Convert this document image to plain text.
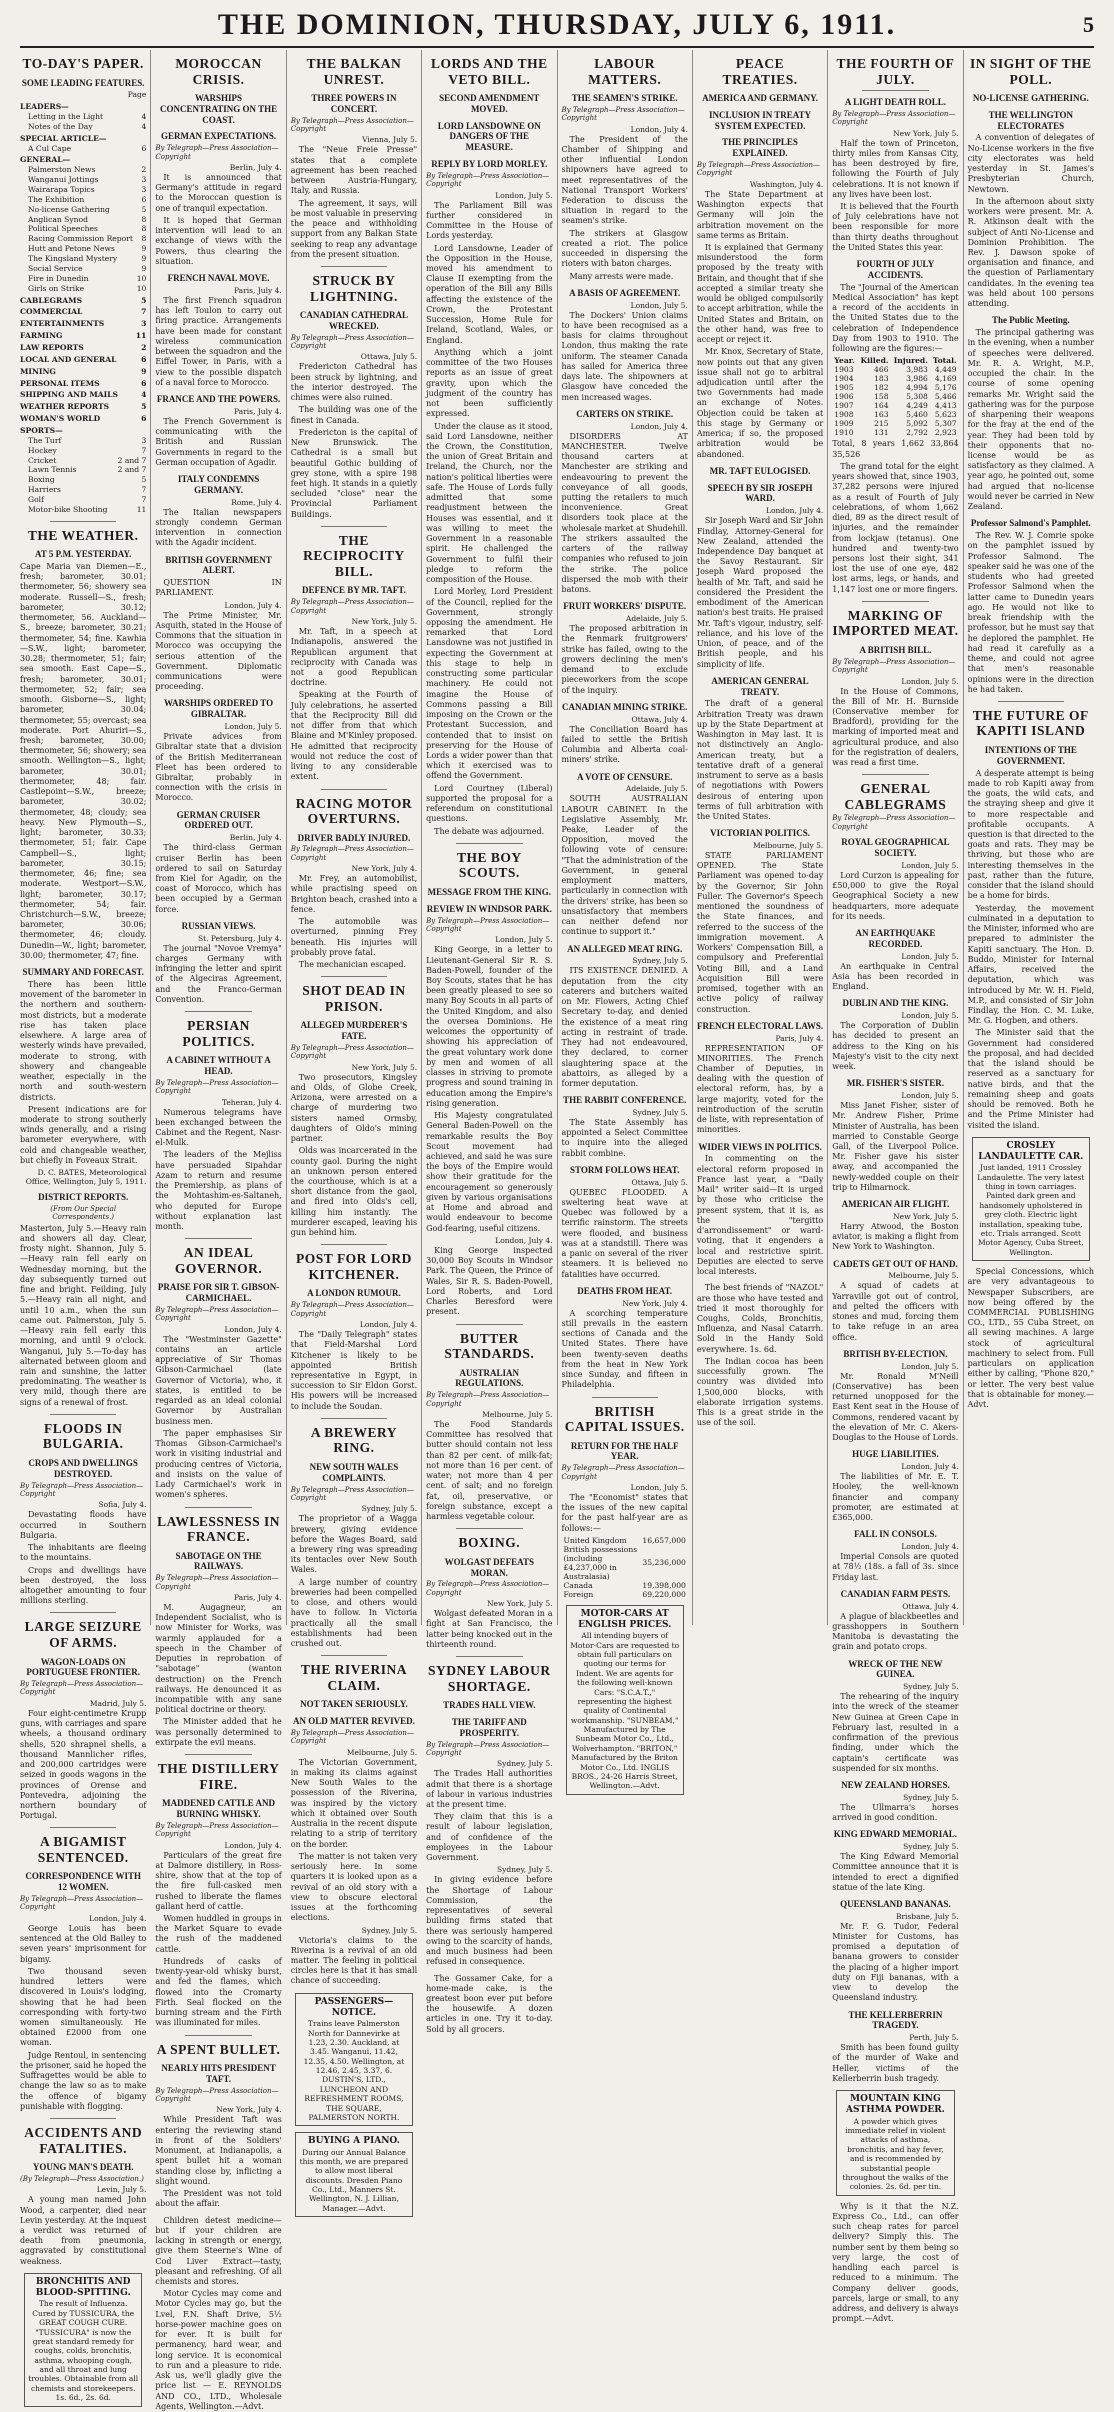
THE DOMINION, THURSDAY, JULY 6, 1911.	5
TO-DAY'S PAPER.
SOME LEADING FEATURES.
Page
LEADERS—
Letting in the Light	4
Notes of the Day	4
SPECIAL ARTICLE—
A Cul Cape	6
GENERAL—
Palmerston News	2
Wanganui Jottings	3
Wairarapa Topics	3
The Exhibition	6
No-license Gathering	5
Anglican Synod	8
Political Speeches	8
Racing Commission Report 8
Hutt and Petone News	9
The Kingsland Mystery	9
Social Service	9
Fire in Dunedin	10
Girls on Strike	10
CABLEGRAMS	5
COMMERCIAL	7
ENTERTAINMENTS	3
FARMING	11
LAW REPORTS	2
LOCAL AND GENERAL	6
MINING	9
PERSONAL ITEMS	6
SHIPPING AND MAILS	4
WEATHER REPORTS	5
WOMAN'S WORLD	6
SPORTS—
The Turf	3
Hockey	7
Cricket	2 and 7
Lawn Tennis	2 and 7
Boxing	5
Harriers	7
Golf	7
Motor-bike Shooting	11
THE WEATHER.
AT 5 P.M. YESTERDAY.

Cape Maria van Diemen—E., fresh; barometer, 30.01; thermometer, 56; showery sea moderate. Russell—S., fresh; barometer, 30.12; thermometer, 56. Auckland—S., breeze; barometer, 30.21; thermometer, 54; fine. Kawhia—S.W., light; barometer, 30.28; thermometer, 51; fair; sea smooth. East Cape—S., fresh; barometer, 30.01; thermometer, 52; fair; sea smooth. Gisborne—S., light; barometer, 30.04; thermometer, 55; overcast; sea moderate. Port Ahuriri—S., fresh; barometer, 30.00; thermometer, 56; showery; sea smooth. Wellington—S., light; barometer, 30.01; thermometer, 48; fair. Castlepoint—S.W., breeze; barometer, 30.02; thermometer, 48; cloudy; sea heavy. New Plymouth—S., light; barometer, 30.33; thermometer, 51; fair. Cape Campbell—S., light; barometer, 30.15; thermometer, 46; fine; sea moderate. Westport—S.W., light; barometer, 30.17; thermometer, 54; fair. Christchurch—S.W., breeze; barometer, 30.06; thermometer, 46; cloudy. Dunedin—W., light; barometer, 30.00; thermometer, 47; fine.

SUMMARY AND FORECAST.

There has been little movement of the barometer in the northern and southern-most districts, but a moderate rise has taken place elsewhere. A large area of westerly winds have prevailed, moderate to strong, with showery and changeable weather, especially in the north and south-western districts.

Present indications are for moderate to strong southerly winds generally, and a rising barometer everywhere, with cold and changeable weather, but chiefly in Foveaux Strait.

D. C. BATES, Meteorological Office, Wellington, July 5, 1911.
DISTRICT REPORTS.
(From Our Special Correspondents.)

Masterton, July 5.—Heavy rain and showers all day. Clear, frosty night. Shannon, July 5.—Heavy rain fell early on Wednesday morning, but the day subsequently turned out fine and bright. Feilding, July 5.—Heavy rain all night, and until 10 a.m., when the sun came out. Palmerston, July 5.—Heavy rain fell early this morning, and until 9 o'clock. Wanganui, July 5.—To-day has alternated between gloom and rain and sunshine, the latter predominating. The weather is very mild, though there are signs of a renewal of frost.

FLOODS IN BULGARIA.
CROPS AND DWELLINGS DESTROYED.
By Telegraph—Press Association—Copyright
Sofia, July 4.

Devastating floods have occurred in Southern Bulgaria.

The inhabitants are fleeing to the mountains.

Crops and dwellings have been destroyed, the loss altogether amounting to four millions sterling.

LARGE SEIZURE OF ARMS.
WAGON-LOADS ON PORTUGUESE FRONTIER.
By Telegraph—Press Association—Copyright
Madrid, July 5.

Four eight-centimetre Krupp guns, with carriages and spare wheels, a thousand ordinary shells, 520 shrapnel shells, a thousand Mannlicher rifles, and 200,000 cartridges were seized in goods wagons in the provinces of Orense and Pontevedra, adjoining the northern boundary of Portugal.

A BIGAMIST SENTENCED.
CORRESPONDENCE WITH 12 WOMEN.
By Telegraph—Press Association—Copyright
London, July 4.

George Louis has been sentenced at the Old Bailey to seven years' imprisonment for bigamy.

Two thousand seven hundred letters were discovered in Louis's lodging, showing that he had been corresponding with forty-two women simultaneously. He obtained £2000 from one woman.

Judge Rentoul, in sentencing the prisoner, said he hoped the Suffragettes would be able to change the law so as to make the offence of bigamy punishable with flogging.

ACCIDENTS AND FATALITIES.
YOUNG MAN'S DEATH.
(By Telegraph—Press Association.)
Levin, July 5.

A young man named John Wood, a carpenter, died near Levin yesterday. At the inquest a verdict was returned of death from pneumonia, aggravated by constitutional weakness.

BRONCHITIS AND BLOOD-SPITTING.
The result of Influenza. Cured by TUSSICURA, the GREAT COUGH CURE. "TUSSICURA" is now the great standard remedy for coughs, colds, bronchitis, asthma, whooping cough, and all throat and lung troubles. Obtainable from all chemists and storekeepers. 1s. 6d., 2s. 6d.
MOROCCAN CRISIS.
WARSHIPS CONCENTRATING ON THE COAST.
GERMAN EXPECTATIONS.
By Telegraph—Press Association—Copyright
Berlin, July 4.

It is announced that Germany's attitude in regard to the Moroccan question is one of tranquil expectation.

It is hoped that German intervention will lead to an exchange of views with the Powers, thus clearing the situation.

FRENCH NAVAL MOVE.
Paris, July 4.

The first French squadron has left Toulon to carry out firing practice. Arrangements have been made for constant wireless communication between the squadron and the Eiffel Tower, in Paris, with a view to the possible dispatch of a naval force to Morocco.

FRANCE AND THE POWERS.
Paris, July 4.

The French Government is communicating with the British and Russian Governments in regard to the German occupation of Agadir.

ITALY CONDEMNS GERMANY.
Rome, July 4.

The Italian newspapers strongly condemn German intervention in connection with the Agadir incident.

BRITISH GOVERNMENT ALERT.

QUESTION IN PARLIAMENT.

London, July 4.

The Prime Minister, Mr. Asquith, stated in the House of Commons that the situation in Morocco was occupying the serious attention of the Government. Diplomatic communications were proceeding.

WARSHIPS ORDERED TO GIBRALTAR.
London, July 5.

Private advices from Gibraltar state that a division of the British Mediterranean Fleet has been ordered to Gibraltar, probably in connection with the crisis in Morocco.

GERMAN CRUISER ORDERED OUT.
Berlin, July 4.

The third-class German cruiser Berlin has been ordered to sail on Saturday from Kiel for Agadir, on the coast of Morocco, which has been occupied by a German force.

RUSSIAN VIEWS.
St. Petersburg, July 4.

The journal "Novoe Vremya" charges Germany with infringing the letter and spirit of the Algeciras Agreement, and the Franco-German Convention.

PERSIAN POLITICS.
A CABINET WITHOUT A HEAD.
By Telegraph—Press Association—Copyright
Teheran, July 4.

Numerous telegrams have been exchanged between the Cabinet and the Regent, Nasr-el-Mulk.

The leaders of the Mejliss have persuaded Sipahdar Azam to return and resume the Premiership, as plans of the Mohtashim-es-Saltaneh, who deputed for Europe without explanation last month.

AN IDEAL GOVERNOR.
PRAISE FOR SIR T. GIBSON-CARMICHAEL.
By Telegraph—Press Association—Copyright
London, July 4.

The "Westminster Gazette" contains an article appreciative of Sir Thomas Gibson-Carmichael (late Governor of Victoria), who, it states, is entitled to be regarded as an ideal colonial Governor by Australian business men.

The paper emphasises Sir Thomas Gibson-Carmichael's work in visiting industrial and producing centres of Victoria, and insists on the value of Lady Carmichael's work in women's spheres.

LAWLESSNESS IN FRANCE.
SABOTAGE ON THE RAILWAYS.
By Telegraph—Press Association—Copyright
Paris, July 4.

M. Augagneur, an Independent Socialist, who is now Minister for Works, was warmly applauded for a speech in the Chamber of Deputies in reprobation of "sabotage" (wanton destruction) on the French railways. He denounced it as incompatible with any sane political doctrine or theory.

The Minister added that he was personally determined to extirpate the evil means.

THE DISTILLERY FIRE.
MADDENED CATTLE AND BURNING WHISKY.
By Telegraph—Press Association—Copyright
London, July 4.

Particulars of the great fire at Dalmore distillery, in Ross-shire, show that at the top of the fire full-casked men rushed to liberate the flames gallant herd of cattle.

Women huddled in groups in the Market Square to evade the rush of the maddened cattle.

Hundreds of casks of twenty-year-old whisky burst, and fed the flames, which flowed into the Cromarty Firth. Seal flocked on the burning stream and the Firth was illuminated for miles.

A SPENT BULLET.
NEARLY HITS PRESIDENT TAFT.
By Telegraph—Press Association—Copyright
New York, July 4.

While President Taft was entering the reviewing stand in front of the Soldiers' Monument, at Indianapolis, a spent bullet hit a woman standing close by, inflicting a slight wound.

The President was not told about the affair.

Children detest medicine—but if your children are lacking in strength or energy, give them Steerne's Wine of Cod Liver Extract—tasty, pleasant and refreshing. Of all chemists and stores.

Motor Cycles may come and Motor Cycles may go, but the Lvel, F.N. Shaft Drive, 5½ horse-power machine goes on for ever. It is built for permanency, hard wear, and long service. It is economical to run and a pleasure to ride. Ask us, we'll gladly give the price list — E. REYNOLDS AND CO., LTD., Wholesale Agents, Wellington.—Advt.

THE BALKAN UNREST.
THREE POWERS IN CONCERT.
By Telegraph—Press Association—Copyright
Vienna, July 5.

The "Neue Freie Presse" states that a complete agreement has been reached between Austria-Hungary, Italy, and Russia.

The agreement, it says, will be most valuable in preserving the peace and withholding support from any Balkan State seeking to reap any advantage from the present situation.

STRUCK BY LIGHTNING.
CANADIAN CATHEDRAL WRECKED.
By Telegraph—Press Association—Copyright
Ottawa, July 5.

Fredericton Cathedral has been struck by lightning, and the interior destroyed. The chimes were also ruined.

The building was one of the finest in Canada.

Fredericton is the capital of New Brunswick. The Cathedral is a small but beautiful Gothic building of grey stone, with a spire 198 feet high. It stands in a quietly secluded "close" near the Provincial Parliament Buildings.

THE RECIPROCITY BILL.
DEFENCE BY MR. TAFT.
By Telegraph—Press Association—Copyright
New York, July 5.

Mr. Taft, in a speech at Indianapolis, answered the Republican argument that reciprocity with Canada was not a good Republican doctrine.

Speaking at the Fourth of July celebrations, he asserted that the Reciprocity Bill did not differ from that which Blaine and M'Kinley proposed. He admitted that reciprocity would not reduce the cost of living to any considerable extent.

RACING MOTOR OVERTURNS.
DRIVER BADLY INJURED.
By Telegraph—Press Association—Copyright
New York, July 4.

Mr. Frey, an automobilist, while practising speed on Brighton beach, crashed into a fence.

The automobile was overturned, pinning Frey beneath. His injuries will probably prove fatal.

The mechanician escaped.

SHOT DEAD IN PRISON.
ALLEGED MURDERER'S FATE.
By Telegraph—Press Association—Copyright
New York, July 5.

Two prosecutors, Kingsley and Olds, of Globe Creek, Arizona, were arrested on a charge of murdering two sisters named Ormsby, daughters of Oldo's mining partner.

Olds was incarcerated in the county gaol. During the night an unknown person entered the courthouse, which is at a short distance from the gaol, and fired into Olds's cell, killing him instantly. The murderer escaped, leaving his gun behind him.

POST FOR LORD KITCHENER.
A LONDON RUMOUR.
By Telegraph—Press Association—Copyright
London, July 4.

The "Daily Telegraph" states that Field-Marshal Lord Kitchener is likely to be appointed British representative in Egypt, in succession to Sir Eldon Gorst. His powers will be increased to include the Soudan.

A BREWERY RING.
NEW SOUTH WALES COMPLAINTS.
By Telegraph—Press Association—Copyright
Sydney, July 5.

The proprietor of a Wagga brewery, giving evidence before the Wages Board, said a brewery ring was spreading its tentacles over New South Wales.

A large number of country breweries had been compelled to close, and others would have to follow. In Victoria practically all the small establishments had been crushed out.

THE RIVERINA CLAIM.
NOT TAKEN SERIOUSLY.
AN OLD MATTER REVIVED.
By Telegraph—Press Association—Copyright
Melbourne, July 5.

The Victorian Government, in making its claims against New South Wales to the possession of the Riverina, was inspired by the victory which it obtained over South Australia in the recent dispute relating to a strip of territory on the border.

The matter is not taken very seriously here. In some quarters it is looked upon as a revival of an old story with a view to obscure electoral issues at the forthcoming elections.

Sydney, July 5.

Victoria's claims to the Riverina is a revival of an old matter. The feeling in political circles here is that it has small chance of succeeding.

PASSENGERS—NOTICE.
Trains leave Palmerston North for Dannevirke at 1.23, 2.30. Auckland, at 3.45. Wanganui, 11.42, 12.35, 4.50. Wellington, at 12.46, 2.45, 3.37, 6. DUSTIN'S, LTD., LUNCHEON AND REFRESHMENT ROOMS, THE SQUARE, PALMERSTON NORTH.
BUYING A PIANO.
During our Annual Balance this month, we are prepared to allow most liberal discounts. Dresden Piano Co., Ltd., Manners St. Wellington, N. J. Lillian, Manager.—Advt.
LORDS AND THE VETO BILL.
SECOND AMENDMENT MOVED.
LORD LANSDOWNE ON DANGERS OF THE MEASURE.
REPLY BY LORD MORLEY.
By Telegraph—Press Association—Copyright
London, July 5.

The Parliament Bill was further considered in Committee in the House of Lords yesterday.

Lord Lansdowne, Leader of the Opposition in the House, moved his amendment to Clause II exempting from the operation of the Bill any Bills affecting the existence of the Crown, the Protestant Succession, Home Rule for Ireland, Scotland, Wales, or England.

Anything which a joint committee of the two Houses reports as an issue of great gravity, upon which the judgment of the country has not been sufficiently expressed.

Under the clause as it stood, said Lord Lansdowne, neither the Crown, the Constitution, the union of Great Britain and Ireland, the Church, nor the nation's political liberties were safe. The House of Lords fully admitted that some readjustment between the Houses was essential, and it was willing to meet the Government in a reasonable spirit. He challenged the Government to fulfil their pledge to reform the composition of the House.

Lord Morley, Lord President of the Council, replied for the Government, strongly opposing the amendment. He remarked that Lord Lansdowne was not justified in expecting the Government at this stage to help in constructing some particular machinery. He could not imagine the House of Commons passing a Bill imposing on the Crown or the Protestant Succession, and contended that to insist on preserving for the House of Lords a wider power than that which it exercised was to offend the Government.

Lord Courtney (Liberal) supported the proposal for a referendum on constitutional questions.

The debate was adjourned.

THE BOY SCOUTS.
MESSAGE FROM THE KING.
REVIEW IN WINDSOR PARK.
By Telegraph—Press Association—Copyright
London, July 5.

King George, in a letter to Lieutenant-General Sir R. S. Baden-Powell, founder of the Boy Scouts, states that he has been greatly pleased to see so many Boy Scouts in all parts of the United Kingdom, and also the oversea Dominions. He welcomes the opportunity of showing his appreciation of the great voluntary work done by men and women of all classes in striving to promote progress and sound training in education among the Empire's rising generation.

His Majesty congratulated General Baden-Powell on the remarkable results the Boy Scout movement had achieved, and said he was sure the boys of the Empire would show their gratitude for the encouragement so generously given by various organisations at Home and abroad and would endeavour to become God-fearing, useful citizens.

London, July 4.

King George inspected 30,000 Boy Scouts in Windsor Park. The Queen, the Prince of Wales, Sir R. S. Baden-Powell, Lord Roberts, and Lord Charles Beresford were present.

BUTTER STANDARDS.
AUSTRALIAN REGULATIONS.
By Telegraph—Press Association—Copyright
Melbourne, July 5.

The Food Standards Committee has resolved that butter should contain not less than 82 per cent. of milk-fat; not more than 16 per cent. of water; not more than 4 per cent. of salt; and no foreign fat, oil, preservative, or foreign substance, except a harmless vegetable colour.

BOXING.
WOLGAST DEFEATS MORAN.
By Telegraph—Press Association—Copyright
New York, July 5.

Wolgast defeated Moran in a fight at San Francisco, the latter being knocked out in the thirteenth round.

SYDNEY LABOUR SHORTAGE.
TRADES HALL VIEW.
THE TARIFF AND PROSPERITY.
By Telegraph—Press Association—Copyright
Sydney, July 5.

The Trades Hall authorities admit that there is a shortage of labour in various industries at the present time.

They claim that this is a result of labour legislation, and of confidence of the employees in the Labour Government.

Sydney, July 5.

In giving evidence before the Shortage of Labour Commission, the representatives of several building firms stated that there was seriously hampered owing to the scarcity of hands, and much business had been refused in consequence.

The Gossamer Cake, for a home-made cake, is the greatest boon ever put before the housewife. A dozen articles in one. Try it to-day. Sold by all grocers.

LABOUR MATTERS.
THE SEAMEN'S STRIKE.
By Telegraph—Press Association—Copyright
London, July 4.

The President of the Chamber of Shipping and other influential London shipowners have agreed to meet representatives of the National Transport Workers' Federation to discuss the situation in regard to the seamen's strike.

The strikers at Glasgow created a riot. The police succeeded in dispersing the rioters with baton charges.

Many arrests were made.

A BASIS OF AGREEMENT.
London, July 5.

The Dockers' Union claims to have been recognised as a basis for claims throughout London, thus making the rate uniform. The steamer Canada has sailed for America three days late. The shipowners at Glasgow have conceded the men increased wages.

CARTERS ON STRIKE.
London, July 4.

DISORDERS AT MANCHESTER. Twelve thousand carters at Manchester are striking and endeavouring to prevent the conveyance of all goods, putting the retailers to much inconvenience. Great disorders took place at the wholesale market at Shudehill. The strikers assaulted the carters of the railway companies who refused to join the strike. The police dispersed the mob with their batons.

FRUIT WORKERS' DISPUTE.
Adelaide, July 5.

The proposed arbitration in the Renmark fruitgrowers' strike has failed, owing to the growers declining the men's demand to exclude pieceworkers from the scope of the inquiry.

CANADIAN MINING STRIKE.
Ottawa, July 4.

The Conciliation Board has failed to settle the British Columbia and Alberta coal-miners' strike.

A VOTE OF CENSURE.
Adelaide, July 5.

SOUTH AUSTRALIAN LABOUR CABINET. In the Legislative Assembly, Mr. Peake, Leader of the Opposition, moved the following vote of censure: "That the administration of the Government, in general employment matters, particularly in connection with the drivers' strike, has been so unsatisfactory that members can neither defend nor continue to support it."

AN ALLEGED MEAT RING.
Sydney, July 5.

ITS EXISTENCE DENIED. A deputation from the city caterers and butchers waited on Mr. Flowers, Acting Chief Secretary to-day, and denied the existence of a meat ring acting in restraint of trade. They had not endeavoured, they declared, to corner slaughtering space at the abattoirs, as alleged by a former deputation.

THE RABBIT CONFERENCE.
Sydney, July 5.

The State Assembly has appointed a Select Committee to inquire into the alleged rabbit combine.

STORM FOLLOWS HEAT.
Ottawa, July 5.

QUEBEC FLOODED. A sweltering heat wave at Quebec was followed by a terrific rainstorm. The streets were flooded, and business was at a standstill. There was a panic on several of the river steamers. It is believed no fatalities have occurred.

DEATHS FROM HEAT.
New York, July 4.

A scorching temperature still prevails in the eastern sections of Canada and the United States. There have been twenty-seven deaths from the heat in New York since Sunday, and fifteen in Philadelphia.

BRITISH CAPITAL ISSUES.
RETURN FOR THE HALF YEAR.
By Telegraph—Press Association—Copyright
London, July 5.

The "Economist" states that the issues of the new capital for the past half-year are as follows:—

United Kingdom	16,657,000
British possessions (including £4,237,000 in Australasia)	35,236,000
Canada	19,398,000
Foreign	69,220,000
MOTOR-CARS AT ENGLISH PRICES.
All intending buyers of Motor-Cars are requested to obtain full particulars on quoting our terms for Indent. We are agents for the following well-known Cars: "S.C.A.T.," representing the highest quality of Continental workmanship. "SUNBEAM," Manufactured by The Sunbeam Motor Co., Ltd., Wolverhampton. "BRITON," Manufactured by the Briton Motor Co., Ltd. INGLIS BROS., 24-26 Harris Street, Wellington.—Advt.
PEACE TREATIES.
AMERICA AND GERMANY.
INCLUSION IN TREATY SYSTEM EXPECTED.
THE PRINCIPLES EXPLAINED.
By Telegraph—Press Association—Copyright
Washington, July 4.

The State Department at Washington expects that Germany will join the arbitration movement on the same terms as Britain.

It is explained that Germany misunderstood the form proposed by the treaty with Britain, and thought that if she accepted a similar treaty she would be obliged compulsorily to accept arbitration, while the United States and Britain, on the other hand, was free to accept or reject it.

Mr. Knox, Secretary of State, now points out that any given issue shall not go to arbitral adjudication until after the two Governments had made an exchange of Notes. Objection could be taken at this stage by Germany or America; if so, the proposed arbitration would be abandoned.

MR. TAFT EULOGISED.
SPEECH BY SIR JOSEPH WARD.
London, July 4.

Sir Joseph Ward and Sir John Findlay, Attorney-General for New Zealand, attended the Independence Day banquet at the Savoy Restaurant. Sir Joseph Ward proposed the health of Mr. Taft, and said he considered the President the embodiment of the American nation's best traits. He praised Mr. Taft's vigour, industry, self-reliance, and his love of the Union, of peace, and of the British people, and his simplicity of life.

AMERICAN GENERAL TREATY.

The draft of a general Arbitration Treaty was drawn up by the State Department at Washington in May last. It is not distinctively an Anglo-American treaty, but a tentative draft of a general instrument to serve as a basis of negotiations with Powers desirous of entering upon terms of full arbitration with the United States.

VICTORIAN POLITICS.
Melbourne, July 5.

STATE PARLIAMENT OPENED. The State Parliament was opened to-day by the Governor, Sir John Fuller. The Governor's Speech mentioned the soundness of the State finances, and referred to the success of the immigration movement. A Workers' Compensation Bill, a compulsory and Preferential Voting Bill, and a Land Acquisition Bill were promised, together with an active policy of railway construction.

FRENCH ELECTORAL LAWS.
Paris, July 4.

REPRESENTATION OF MINORITIES. The French Chamber of Deputies, in dealing with the question of electoral reform, has, by a large majority, voted for the reintroduction of the scrutin de liste, with representation of minorities.

WIDER VIEWS IN POLITICS.

In commenting on the electoral reform proposed in France last year, a "Daily Mail" writer said—It is urged by those who criticise the present system, that it is, as the "tergitto d'arrondissement" or ward-voting, that it engenders a local and restrictive spirit. Deputies are elected to serve local interests.

The best friends of "NAZOL" are those who have tested and tried it most thoroughly for Coughs, Colds, Bronchitis, Influenza, and Nasal Catarrh. Sold in the Handy Sold everywhere. 1s. 6d.

The Indian cocoa has been successfully grown. The country was divided into 1,500,000 blocks, with elaborate irrigation systems. This is a great stride in the use of the soil.

THE FOURTH OF JULY.
A LIGHT DEATH ROLL.
By Telegraph—Press Association—Copyright
New York, July 5.

Half the town of Princeton, thirty miles from Kansas City, has been destroyed by fire, following the Fourth of July celebrations. It is not known if any lives have been lost.

It is believed that the Fourth of July celebrations have not been responsible for more than thirty deaths throughout the United States this year.

FOURTH OF JULY ACCIDENTS.

The "Journal of the American Medical Association" has kept a record of the accidents in the United States due to the celebration of Independence Day from 1903 to 1910. The following are the figures:—

Year.	Killed.	Injured.	Total.
1903	466	3,983	4,449
1904	183	3,986	4,169
1905	182	4,994	5,176
1906	158	5,308	5,466
1907	164	4,249	4,413
1908	163	5,460	5,623
1909	215	5,092	5,307
1910	131	2,792	2,923

Total, 8 years 1,662 33,864 35,526

The grand total for the eight years showed that, since 1903, 37,282 persons were injured as a result of Fourth of July celebrations, of whom 1,662 died, 89 as the direct result of injuries, and the remainder from lockjaw (tetanus). One hundred and twenty-two persons lost their sight, 341 lost the use of one eye, 482 lost arms, legs, or hands, and 1,147 lost one or more fingers.

MARKING OF IMPORTED MEAT.
A BRITISH BILL.
By Telegraph—Press Association—Copyright
London, July 5.

In the House of Commons, the Bill of Mr. H. Burnside (Conservative member for Bradford), providing for the marking of imported meat and agricultural produce, and also for the registration of dealers, was read a first time.

GENERAL CABLEGRAMS
By Telegraph—Press Association—Copyright
ROYAL GEOGRAPHICAL SOCIETY.
London, July 5.

Lord Curzon is appealing for £50,000 to give the Royal Geographical Society a new headquarters, more adequate for its needs.

AN EARTHQUAKE RECORDED.
London, July 5.

An earthquake in Central Asia has been recorded in England.

DUBLIN AND THE KING.
London, July 5.

The Corporation of Dublin has decided to present an address to the King on his Majesty's visit to the city next week.

MR. FISHER'S SISTER.
London, July 5.

Miss Janet Fisher, sister of Mr. Andrew Fisher, Prime Minister of Australia, has been married to Constable George Gall, of the Liverpool Police. Mr. Fisher gave his sister away, and accompanied the newly-wedded couple on their trip to Hilmarnock.

AMERICAN AIR FLIGHT.
New York, July 5.

Harry Atwood, the Boston aviator, is making a flight from New York to Washington.

CADETS GET OUT OF HAND.
Melbourne, July 5.

A squad of cadets at Yarraville got out of control, and pelted the officers with stones and mud, forcing them to take refuge in an area office.

BRITISH BY-ELECTION.
London, July 5.

Mr. Ronald M'Neill (Conservative) has been returned unopposed for the East Kent seat in the House of Commons, rendered vacant by the elevation of Mr. C. Akers-Douglas to the House of Lords.

HUGE LIABILITIES.
London, July 4.

The liabilities of Mr. E. T. Hooley, the well-known financier and company promoter, are estimated at £365,000.

FALL IN CONSOLS.
London, July 4.

Imperial Consols are quoted at 78½ (18s. a fall of 3s. since Friday last.

CANADIAN FARM PESTS.
Ottawa, July 4.

A plague of blackbeetles and grasshoppers in Southern Manitoba is devastating the grain and potato crops.

WRECK OF THE NEW GUINEA.
Sydney, July 5.

The rehearing of the inquiry into the wreck of the steamer New Guinea at Green Cape in February last, resulted in a confirmation of the previous finding, under which the captain's certificate was suspended for six months.

NEW ZEALAND HORSES.
Sydney, July 5.

The Ullmarra's horses arrived in good condition.

KING EDWARD MEMORIAL.
Sydney, July 5.

The King Edward Memorial Committee announce that it is intended to erect a dignified statue of the late King.

QUEENSLAND BANANAS.
Brisbane, July 5.

Mr. F. G. Tudor, Federal Minister for Customs, has promised a deputation of banana growers to consider the placing of a higher import duty on Fiji bananas, with a view to develop the Queensland industry.

THE KELLERBERRIN TRAGEDY.
Perth, July 5.

Smith has been found guilty of the murder of Wake and Heller, victims of the Kellerberrin bush tragedy.

MOUNTAIN KING ASTHMA POWDER.
A powder which gives immediate relief in violent attacks of asthma, bronchitis, and hay fever, and is recommended by substantial people throughout the walks of the colonies. 2s. 6d. per tin.

Why is it that the N.Z. Express Co., Ltd., can offer such cheap rates for parcel delivery? Simply this. The number sent by them being so very large, the cost of handling each parcel is reduced to a minimum. The Company deliver goods, parcels, large or small, to any address, and delivery is always prompt.—Advt.

IN SIGHT OF THE POLL.
NO-LICENSE GATHERING.
THE WELLINGTON ELECTORATES

A convention of delegates of No-License workers in the five city electorates was held yesterday in St. James's Presbyterian Church, Newtown.

In the afternoon about sixty workers were present. Mr. A. R. Atkinson dealt with the subject of Anti No-License and Dominion Prohibition. The Rev. J. Dawson spoke of organisation and finance, and the question of Parliamentary candidates. In the evening tea was held about 100 persons attending.

The Public Meeting.

The principal gathering was in the evening, when a number of speeches were delivered. Mr. R. A. Wright, M.P., occupied the chair. In the course of some opening remarks Mr. Wright said the gathering was for the purpose of sharpening their weapons for the fray at the end of the year. They had been told by their opponents that no-license would be as satisfactory as they claimed. A year ago, he pointed out, some had argued that no-license would never be carried in New Zealand.

Professor Salmond's Pamphlet.

The Rev. W. J. Comrie spoke on the pamphlet issued by Professor Salmond. The speaker said he was one of the students who had greeted Professor Salmond when the latter came to Dunedin years ago. He would not like to break friendship with the professor, but he must say that he deplored the pamphlet. He had read it carefully as a theme, and could not agree that men's reasonable opinions were in the direction he had taken.

THE FUTURE OF KAPITI ISLAND
INTENTIONS OF THE GOVERNMENT.

A desperate attempt is being made to rob Kapiti away from the goats, the wild cats, and the straying sheep and give it to more respectable and profitable occupants. A question is that directed to the goats and rats. They may be thriving, but those who are interesting themselves in the past, rather than the future, consider that the island should be a home for birds.

Yesterday, the movement culminated in a deputation to the Minister, informed who are prepared to administer the Kapiti sanctuary. The Hon. D. Buddo, Minister for Internal Affairs, received the deputation, which was introduced by Mr. W. H. Field, M.P., and consisted of Sir John Findlay, the Hon. C. M. Luke, Mr. G. Hogben, and others.

The Minister said that the Government had considered the proposal, and had decided that the island should be reserved as a sanctuary for native birds, and that the remaining sheep and goats should be removed. Both he and the Prime Minister had visited the island.

CROSLEY LANDAULETTE CAR.
Just landed, 1911 Crossley Landaulette. The very latest thing in town carriages. Painted dark green and handsomely upholstered in grey cloth. Electric light installation, speaking tube, etc. Trials arranged. Scott Motor Agency, Cuba Street, Wellington.

Special Concessions, which are very advantageous to Newspaper Subscribers, are now being offered by the COMMERCIAL PUBLISHING CO., LTD., 55 Cuba Street, on all sewing machines. A large stock of agricultural machinery to select from. Full particulars on application either by calling, "Phone 820," or letter. The very best value that is obtainable for money.—Advt.
